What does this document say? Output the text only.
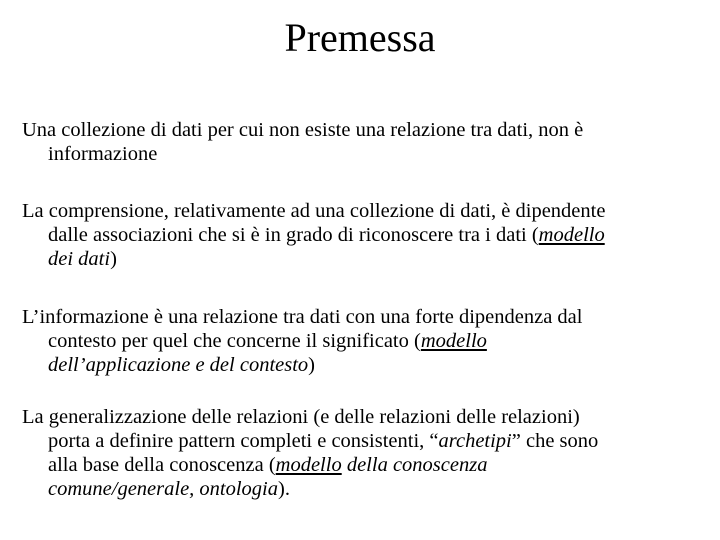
Premessa
Una collezione di dati per cui non esiste una relazione tra dati, non è
informazione
La comprensione, relativamente ad una collezione di dati, è dipendente
dalle associazioni che si è in grado di riconoscere tra i dati (modello
dei dati)
L’informazione è una relazione tra dati con una forte dipendenza dal
contesto per quel che concerne il significato (modello
dell’applicazione e del contesto)
La generalizzazione delle relazioni (e delle relazioni delle relazioni)
porta a definire pattern completi e consistenti, “archetipi” che sono
alla base della conoscenza (modello della conoscenza
comune/generale, ontologia).
